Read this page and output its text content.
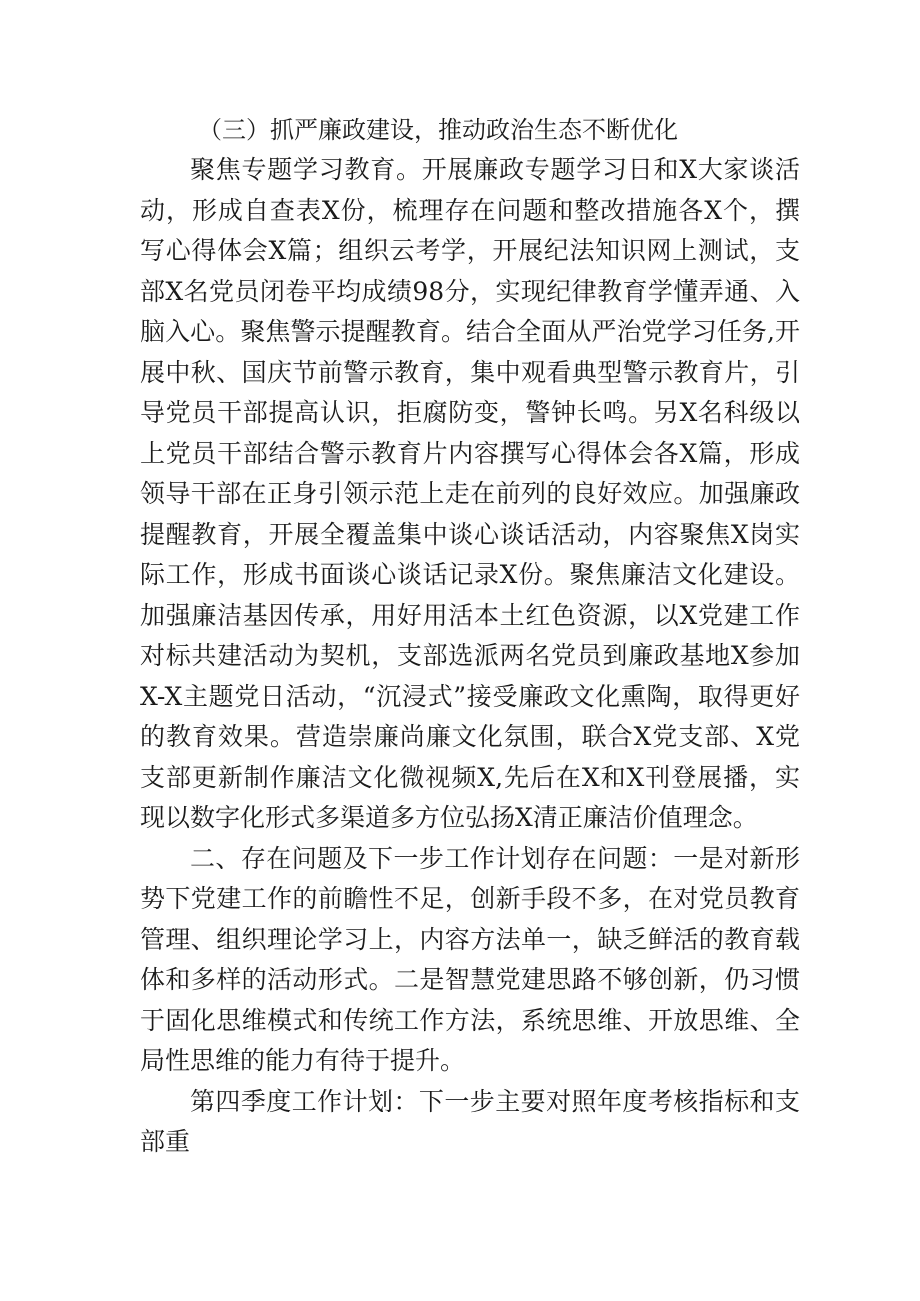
（三）抓严廉政建设，推动政治生态不断优化

聚焦专题学习教育。开展廉政专题学习日和X大家谈活动，形成自查表X份，梳理存在问题和整改措施各X个，撰写心得体会X篇；组织云考学，开展纪法知识网上测试，支部X名党员闭卷平均成绩98分，实现纪律教育学懂弄通、入脑入心。聚焦警示提醒教育。结合全面从严治党学习任务,开展中秋、国庆节前警示教育，集中观看典型警示教育片，引导党员干部提高认识，拒腐防变，警钟长鸣。另X名科级以上党员干部结合警示教育片内容撰写心得体会各X篇，形成领导干部在正身引领示范上走在前列的良好效应。加强廉政提醒教育，开展全覆盖集中谈心谈话活动，内容聚焦X岗实际工作，形成书面谈心谈话记录X份。聚焦廉洁文化建设。加强廉洁基因传承，用好用活本土红色资源，以X党建工作对标共建活动为契机，支部选派两名党员到廉政基地X参加X-X主题党日活动，“沉浸式”接受廉政文化熏陶，取得更好的教育效果。营造崇廉尚廉文化氛围，联合X党支部、X党支部更新制作廉洁文化微视频X,先后在X和X刊登展播，实现以数字化形式多渠道多方位弘扬X清正廉洁价值理念。

二、存在问题及下一步工作计划存在问题：一是对新形势下党建工作的前瞻性不足，创新手段不多，在对党员教育管理、组织理论学习上，内容方法单一，缺乏鲜活的教育载体和多样的活动形式。二是智慧党建思路不够创新，仍习惯于固化思维模式和传统工作方法，系统思维、开放思维、全局性思维的能力有待于提升。

第四季度工作计划：下一步主要对照年度考核指标和支部重
